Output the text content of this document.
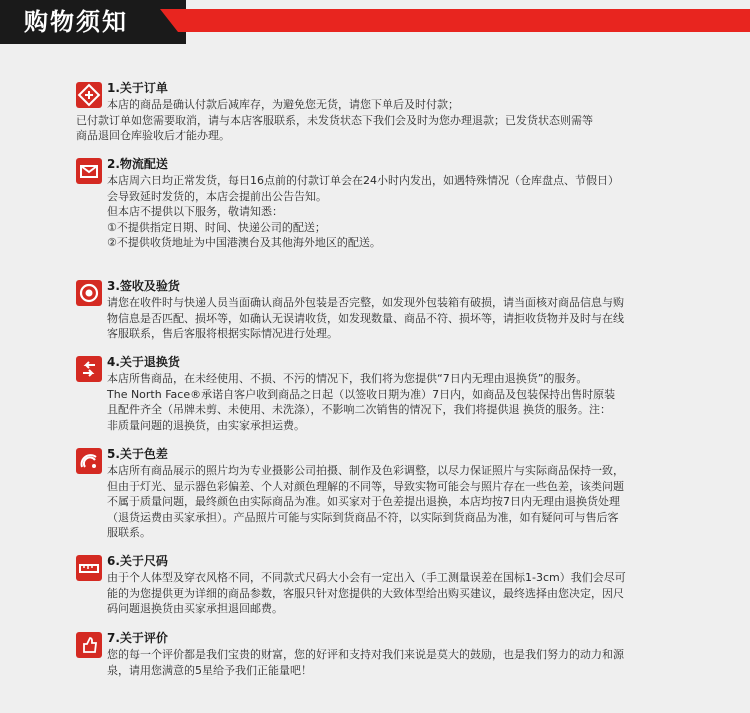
购物须知
1.关于订单
本店的商品是确认付款后减库存，为避免您无货，请您下单后及时付款；
已付款订单如您需要取消，请与本店客服联系，未发货状态下我们会及时为您办理退款；已发货状态则需等
商品退回仓库验收后才能办理。
2.物流配送
本店周六日均正常发货，每日16点前的付款订单会在24小时内发出，如遇特殊情况（仓库盘点、节假日）
会导致延时发货的，本店会提前出公告告知。
但本店不提供以下服务，敬请知悉：
①不提供指定日期、时间、快递公司的配送；
②不提供收货地址为中国港澳台及其他海外地区的配送。
3.签收及验货
请您在收件时与快递人员当面确认商品外包装是否完整，如发现外包装箱有破损，请当面核对商品信息与购
物信息是否匹配、损坏等，如确认无误请收货，如发现数量、商品不符、损坏等，请拒收货物并及时与在线
客服联系，售后客服将根据实际情况进行处理。
4.关于退换货
本店所售商品，在未经使用、不损、不污的情况下，我们将为您提供“7日内无理由退换货”的服务。
The North Face®承诺自客户收到商品之日起（以签收日期为准）7日内，如商品及包装保持出售时原装
且配件齐全（吊牌未剪、未使用、未洗涤），不影响二次销售的情况下，我们将提供退 换货的服务。注：
非质量问题的退换货，由实家承担运费。
5.关于色差
本店所有商品展示的照片均为专业摄影公司拍摄、制作及色彩调整，以尽力保证照片与实际商品保持一致，
但由于灯光、显示器色彩偏差、个人对颜色理解的不同等，导致实物可能会与照片存在一些色差，该类问题
不属于质量问题，最终颜色由实际商品为准。如买家对于色差提出退换，本店均按7日内无理由退换货处理
（退货运费由买家承担）。产品照片可能与实际到货商品不符，以实际到货商品为准，如有疑问可与售后客
服联系。
6.关于尺码
由于个人体型及穿衣风格不同，不同款式尺码大小会有一定出入（手工测量误差在国标1-3cm）我们会尽可
能的为您提供更为详细的商品参数，客服只针对您提供的大致体型给出购买建议，最终选择由您决定，因尺
码问题退换货由买家承担退回邮费。
7.关于评价
您的每一个评价都是我们宝贵的财富，您的好评和支持对我们来说是莫大的鼓励，也是我们努力的动力和源
泉，请用您满意的5星给予我们正能量吧！
